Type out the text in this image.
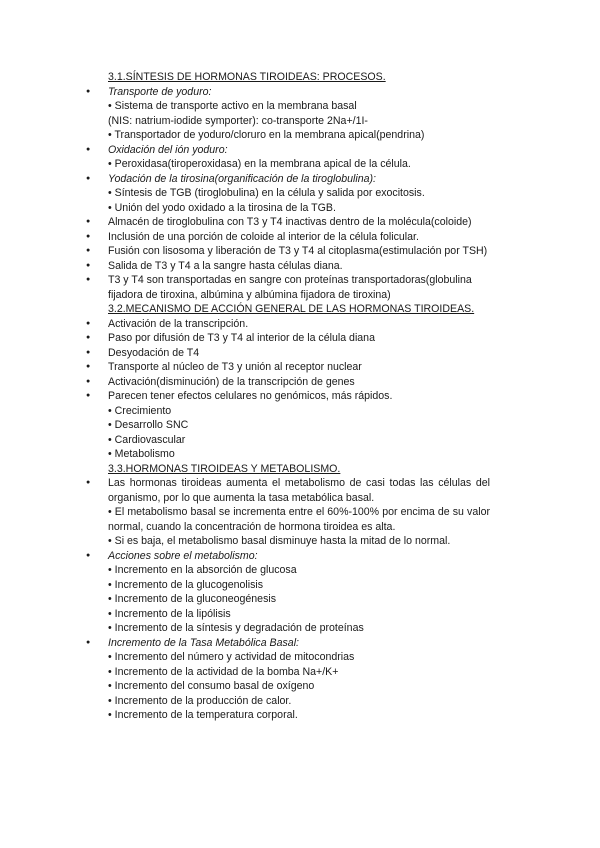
3.1.SÍNTESIS DE HORMONAS TIROIDEAS: PROCESOS.
● Transporte de yoduro:
• Sistema de transporte activo en la membrana basal
(NIS: natrium-iodide symporter): co-transporte 2Na+/1I-
• Transportador de yoduro/cloruro en la membrana apical(pendrina)
● Oxidación del ión yoduro:
• Peroxidasa(tiroperoxidasa) en la membrana apical de la célula.
● Yodación de la tirosina(organificación de la tiroglobulina):
• Síntesis de TGB (tiroglobulina) en la célula y salida por exocitosis.
• Unión del yodo oxidado a la tirosina de la TGB.
● Almacén de tiroglobulina con T3 y T4 inactivas dentro de la molécula(coloide)
● Inclusión de una porción de coloide al interior de la célula folicular.
● Fusión con lisosoma y liberación de T3 y T4 al citoplasma(estimulación por TSH)
● Salida de T3 y T4 a la sangre hasta células diana.
● T3 y T4 son transportadas en sangre con proteínas transportadoras(globulina
fijadora de tiroxina, albúmina y albúmina fijadora de tiroxina)
3.2.MECANISMO DE ACCIÓN GENERAL DE LAS HORMONAS TIROIDEAS.
● Activación de la transcripción.
● Paso por difusión de T3 y T4 al interior de la célula diana
● Desyodación de T4
● Transporte al núcleo de T3 y unión al receptor nuclear
● Activación(disminución) de la transcripción de genes
● Parecen tener efectos celulares no genómicos, más rápidos.
• Crecimiento
• Desarrollo SNC
• Cardiovascular
• Metabolismo
3.3.HORMONAS TIROIDEAS Y METABOLISMO.
● Las hormonas tiroideas aumenta el metabolismo de casi todas las células del
organismo, por lo que aumenta la tasa metabólica basal.
• El metabolismo basal se incrementa entre el 60%-100% por encima de su valor
normal, cuando la concentración de hormona tiroidea es alta.
• Si es baja, el metabolismo basal disminuye hasta la mitad de lo normal.
● Acciones sobre el metabolismo:
• Incremento en la absorción de glucosa
• Incremento de la glucogenolisis
• Incremento de la gluconeogénesis
• Incremento de la lipólisis
• Incremento de la síntesis y degradación de proteínas
● Incremento de la Tasa Metabólica Basal:
• Incremento del número y actividad de mitocondrias
• Incremento de la actividad de la bomba Na+/K+
• Incremento del consumo basal de oxígeno
• Incremento de la producción de calor.
• Incremento de la temperatura corporal.
